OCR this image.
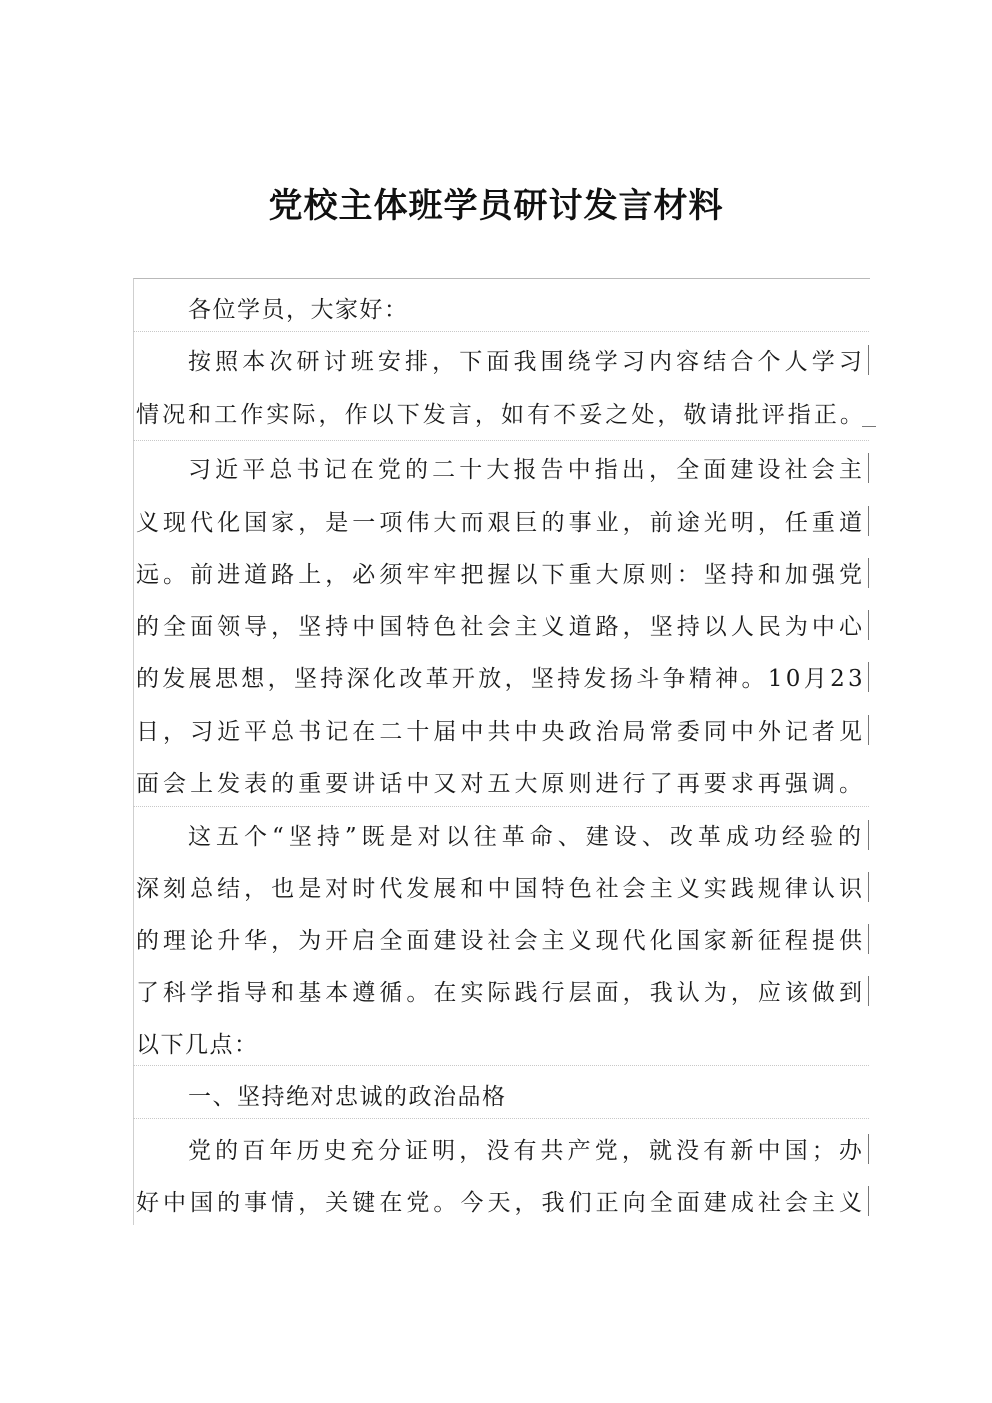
党校主体班学员研讨发言材料
各位学员，大家好：
按照本次研讨班安排，下面我围绕学习内容结合个人学习
情况和工作实际，作以下发言，如有不妥之处，敬请批评指正。
习近平总书记在党的二十大报告中指出，全面建设社会主
义现代化国家，是一项伟大而艰巨的事业，前途光明，任重道
远。前进道路上，必须牢牢把握以下重大原则：坚持和加强党
的全面领导，坚持中国特色社会主义道路，坚持以人民为中心
的发展思想，坚持深化改革开放，坚持发扬斗争精神。10月23
日，习近平总书记在二十届中共中央政治局常委同中外记者见
面会上发表的重要讲话中又对五大原则进行了再要求再强调。
这五个“坚持”既是对以往革命、建设、改革成功经验的
深刻总结，也是对时代发展和中国特色社会主义实践规律认识
的理论升华，为开启全面建设社会主义现代化国家新征程提供
了科学指导和基本遵循。在实际践行层面，我认为，应该做到
以下几点：
一、坚持绝对忠诚的政治品格
党的百年历史充分证明，没有共产党，就没有新中国；办
好中国的事情，关键在党。今天，我们正向全面建成社会主义
